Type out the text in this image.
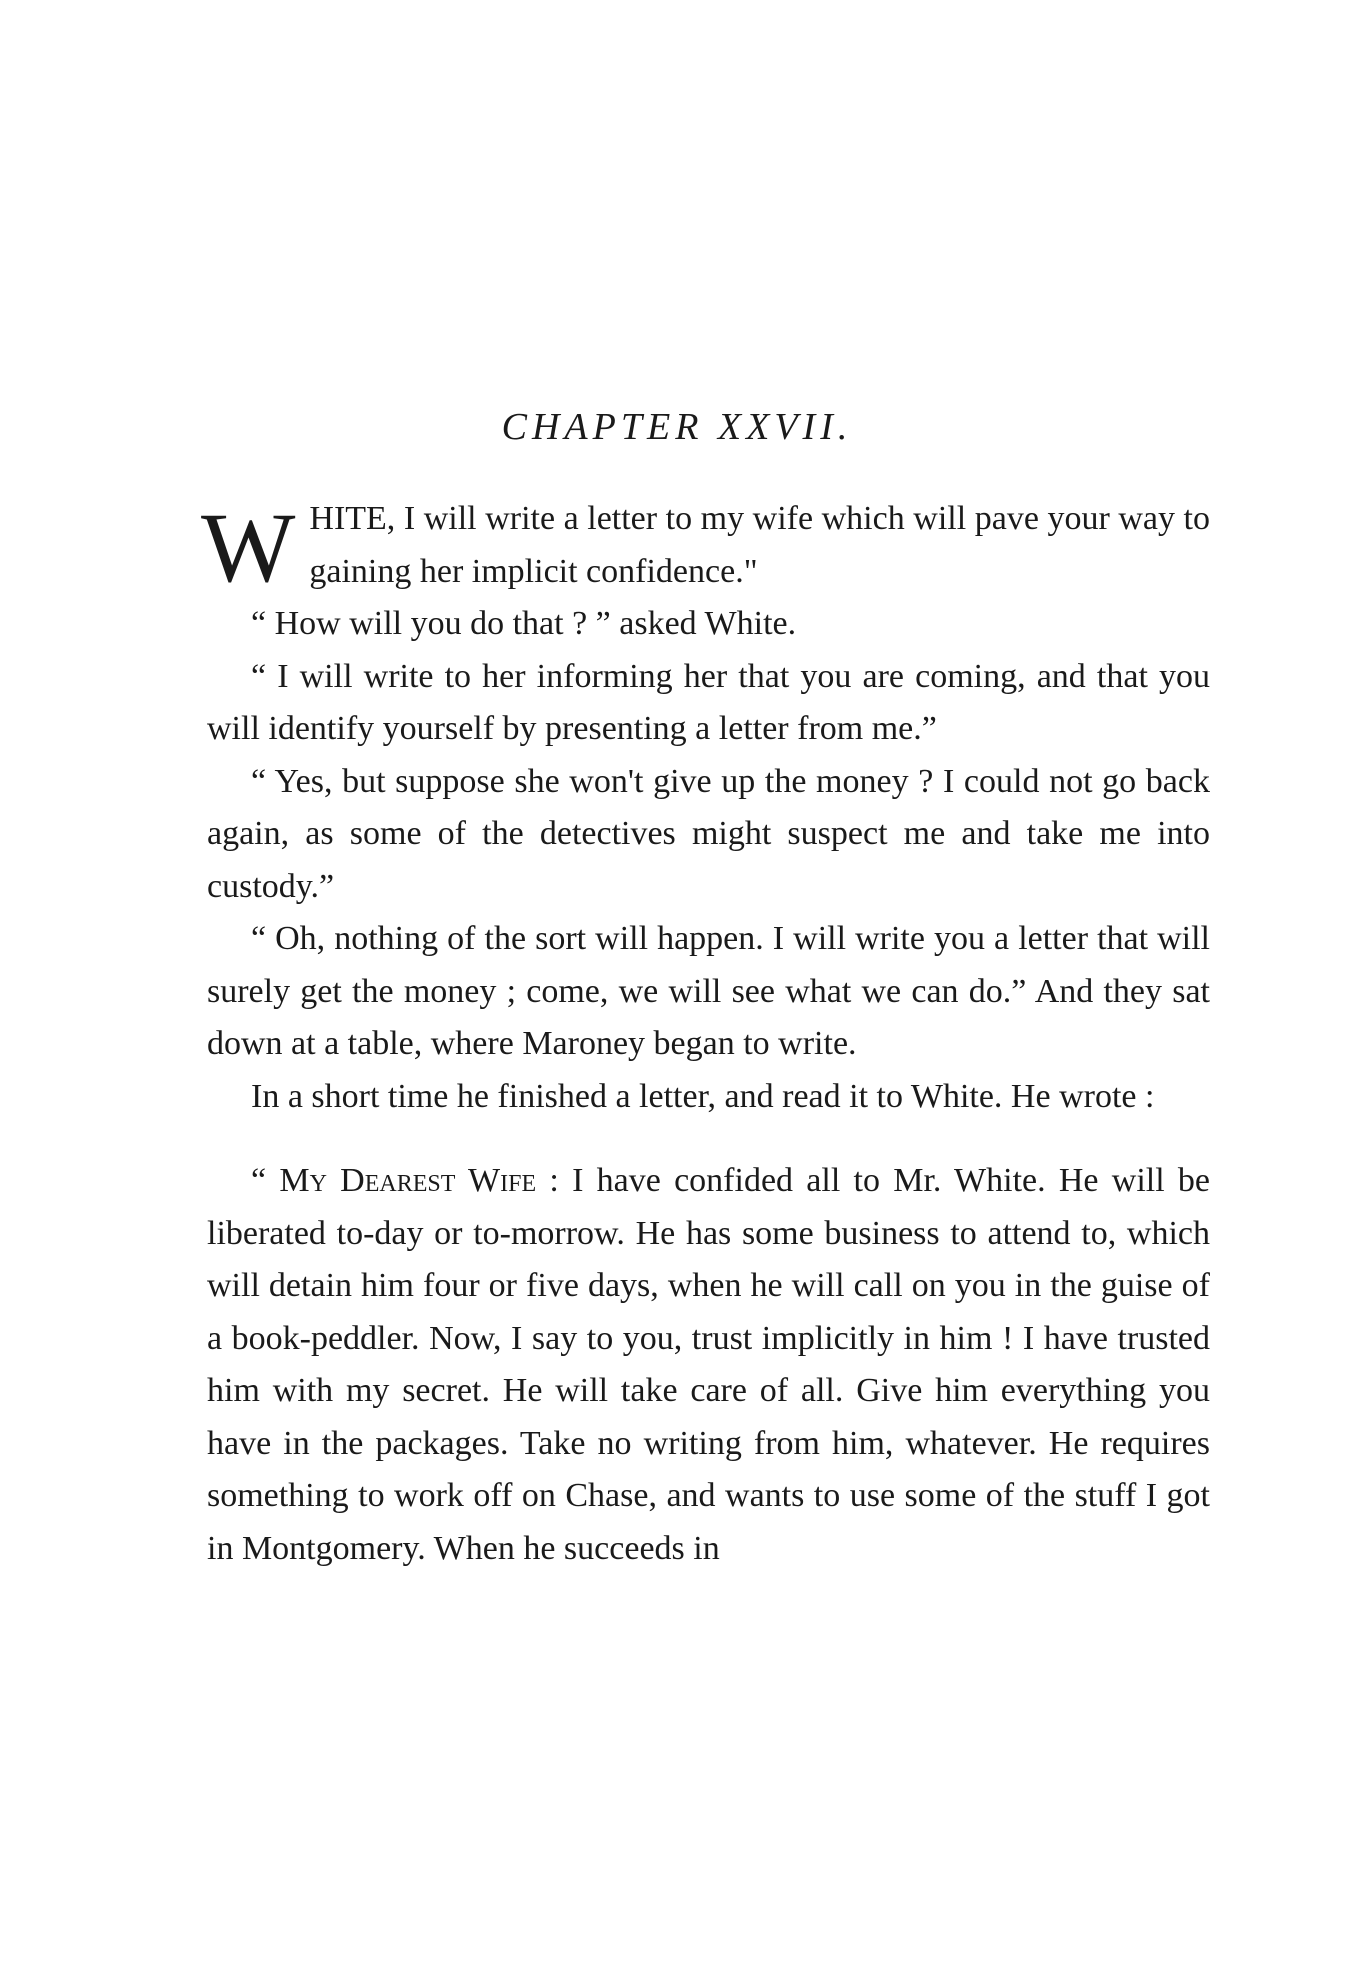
CHAPTER XXVII.

WHITE, I will write a letter to my wife which will pave your way to gaining her implicit confidence."

“ How will you do that ? ” asked White.

“ I will write to her informing her that you are coming, and that you will identify yourself by presenting a letter from me.”

“ Yes, but suppose she won't give up the money ? I could not go back again, as some of the detectives might suspect me and take me into custody.”

“ Oh, nothing of the sort will happen. I will write you a letter that will surely get the money ; come, we will see what we can do.” And they sat down at a table, where Maroney began to write.

In a short time he finished a letter, and read it to White. He wrote :

“ My Dearest Wife : I have confided all to Mr. White. He will be liberated to-day or to-morrow. He has some business to attend to, which will detain him four or five days, when he will call on you in the guise of a book-peddler. Now, I say to you, trust implicitly in him ! I have trusted him with my secret. He will take care of all. Give him everything you have in the packages. Take no writing from him, whatever. He requires something to work off on Chase, and wants to use some of the stuff I got in Montgomery. When he succeeds in
